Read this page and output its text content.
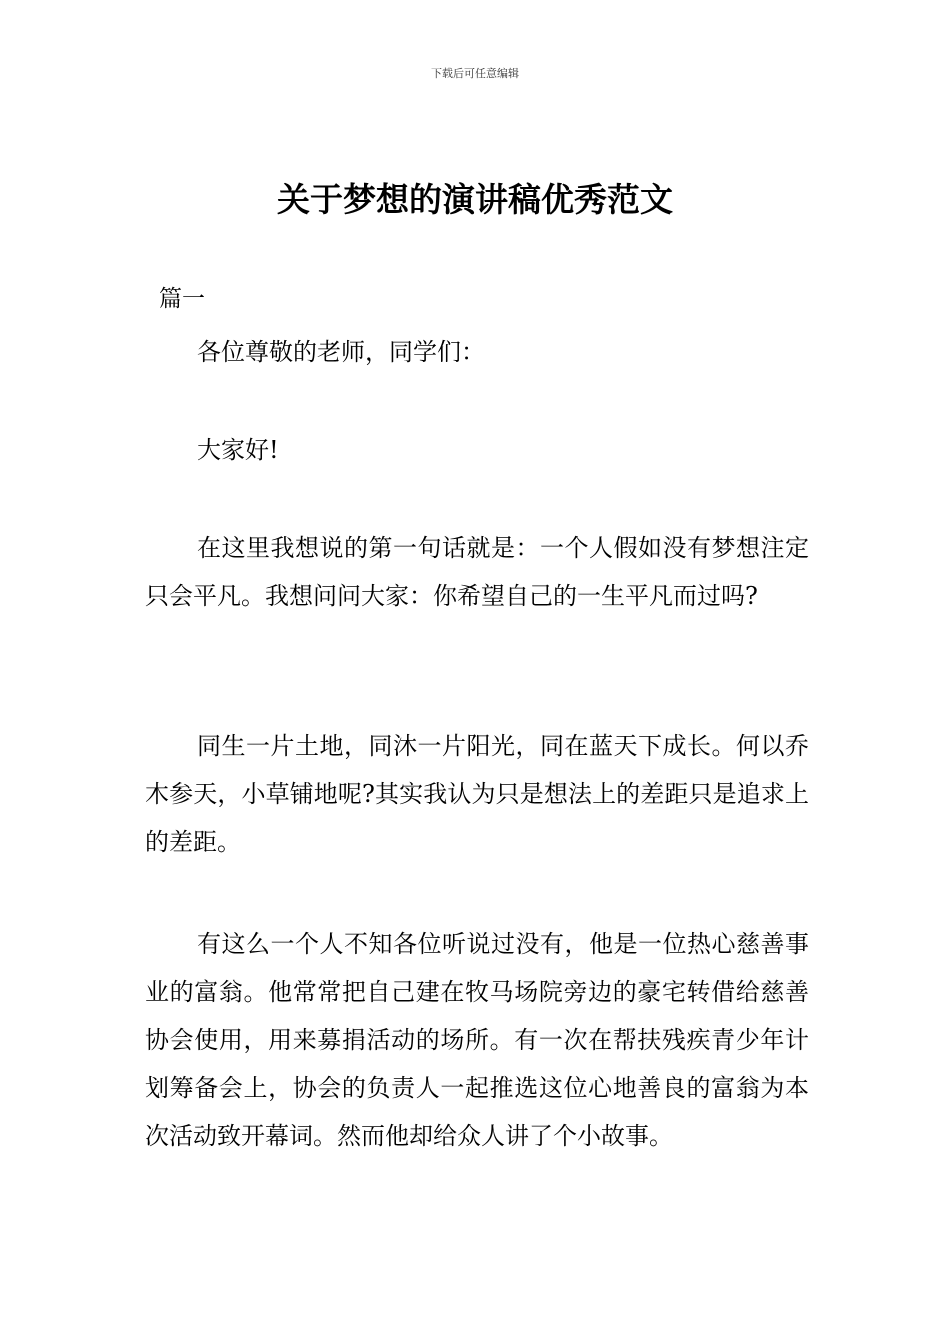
下载后可任意编辑
关于梦想的演讲稿优秀范文
篇一

各位尊敬的老师，同学们：

大家好!

在这里我想说的第一句话就是：一个人假如没有梦想注定只会平凡。我想问问大家：你希望自己的一生平凡而过吗?

同生一片土地，同沐一片阳光，同在蓝天下成长。何以乔木参天，小草铺地呢?其实我认为只是想法上的差距只是追求上的差距。

有这么一个人不知各位听说过没有，他是一位热心慈善事业的富翁。他常常把自己建在牧马场院旁边的豪宅转借给慈善协会使用，用来募捐活动的场所。有一次在帮扶残疾青少年计划筹备会上，协会的负责人一起推选这位心地善良的富翁为本次活动致开幕词。然而他却给众人讲了个小故事。
